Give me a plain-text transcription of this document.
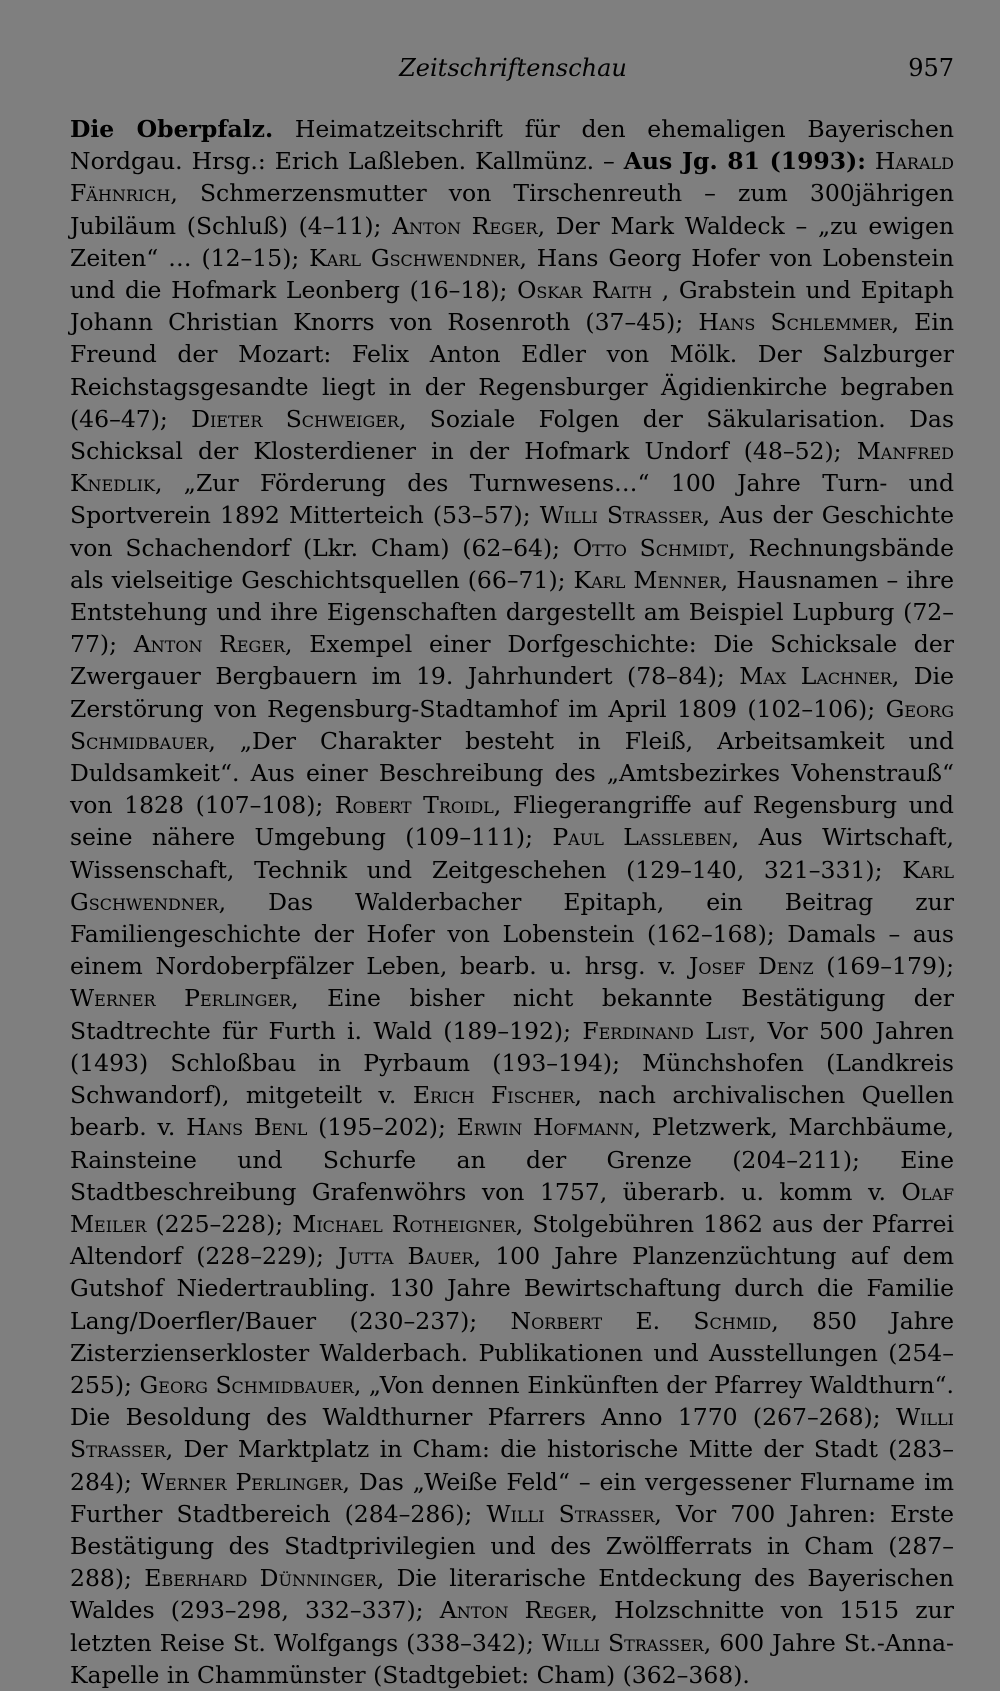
Zeitschriftenschau	957
Die Oberpfalz. Heimatzeitschrift für den ehemaligen Bayerischen Nordgau. Hrsg.: Erich Laßleben. Kallmünz. – Aus Jg. 81 (1993): Harald Fähnrich, Schmerzensmutter von Tirschenreuth – zum 300jährigen Jubiläum (Schluß) (4–11); Anton Reger, Der Mark Waldeck – „zu ewigen Zeiten“ … (12–15); Karl Gschwendner, Hans Georg Hofer von Lobenstein und die Hofmark Leonberg (16–18); Oskar Raith , Grabstein und Epitaph Johann Christian Knorrs von Rosenroth (37–45); Hans Schlemmer, Ein Freund der Mozart: Felix Anton Edler von Mölk. Der Salzburger Reichstagsgesandte liegt in der Regensburger Ägidienkirche begraben (46–47); Dieter Schweiger, Soziale Folgen der Säkularisation. Das Schicksal der Klosterdiener in der Hofmark Undorf (48–52); Manfred Knedlik, „Zur Förderung des Turnwesens…“ 100 Jahre Turn- und Sportverein 1892 Mitterteich (53–57); Willi Strasser, Aus der Geschichte von Schachendorf (Lkr. Cham) (62–64); Otto Schmidt, Rechnungsbände als vielseitige Geschichtsquellen (66–71); Karl Menner, Hausnamen – ihre Entstehung und ihre Eigenschaften dargestellt am Beispiel Lupburg (72–77); Anton Reger, Exempel einer Dorfgeschichte: Die Schicksale der Zwergauer Bergbauern im 19. Jahrhundert (78–84); Max Lachner, Die Zerstörung von Regensburg-Stadtamhof im April 1809 (102–106); Georg Schmidbauer, „Der Charakter besteht in Fleiß, Arbeitsamkeit und Duldsamkeit“. Aus einer Beschreibung des „Amtsbezirkes Vohenstrauß“ von 1828 (107–108); Robert Troidl, Fliegerangriffe auf Regensburg und seine nähere Umgebung (109–111); Paul Lassleben, Aus Wirtschaft, Wissenschaft, Technik und Zeitgeschehen (129–140, 321–331); Karl Gschwendner, Das Walderbacher Epitaph, ein Beitrag zur Familiengeschichte der Hofer von Lobenstein (162–168); Damals – aus einem Nordoberpfälzer Leben, bearb. u. hrsg. v. Josef Denz (169–179); Werner Perlinger, Eine bisher nicht bekannte Bestätigung der Stadtrechte für Furth i. Wald (189–192); Ferdinand List, Vor 500 Jahren (1493) Schloßbau in Pyrbaum (193–194); Münchshofen (Landkreis Schwandorf), mitgeteilt v. Erich Fischer, nach archivalischen Quellen bearb. v. Hans Benl (195–202); Erwin Hofmann, Pletzwerk, Marchbäume, Rainsteine und Schurfe an der Grenze (204–211); Eine Stadtbeschreibung Grafenwöhrs von 1757, überarb. u. komm v. Olaf Meiler (225–228); Michael Rotheigner, Stolgebühren 1862 aus der Pfarrei Altendorf (228–229); Jutta Bauer, 100 Jahre Planzenzüchtung auf dem Gutshof Niedertraubling. 130 Jahre Bewirtschaftung durch die Familie Lang/Doerfler/Bauer (230–237); Norbert E. Schmid, 850 Jahre Zisterzienserkloster Walderbach. Publikationen und Ausstellungen (254–255); Georg Schmidbauer, „Von dennen Einkünften der Pfarrey Waldthurn“. Die Besoldung des Waldthurner Pfarrers Anno 1770 (267–268); Willi Strasser, Der Marktplatz in Cham: die historische Mitte der Stadt (283–284); Werner Perlinger, Das „Weiße Feld“ – ein vergessener Flurname im Further Stadtbereich (284–286); Willi Strasser, Vor 700 Jahren: Erste Bestätigung des Stadtprivilegien und des Zwölfferrats in Cham (287–288); Eberhard Dünninger, Die literarische Entdeckung des Bayerischen Waldes (293–298, 332–337); Anton Reger, Holzschnitte von 1515 zur letzten Reise St. Wolfgangs (338–342); Willi Strasser, 600 Jahre St.-Anna-Kapelle in Chammünster (Stadtgebiet: Cham) (362–368).
